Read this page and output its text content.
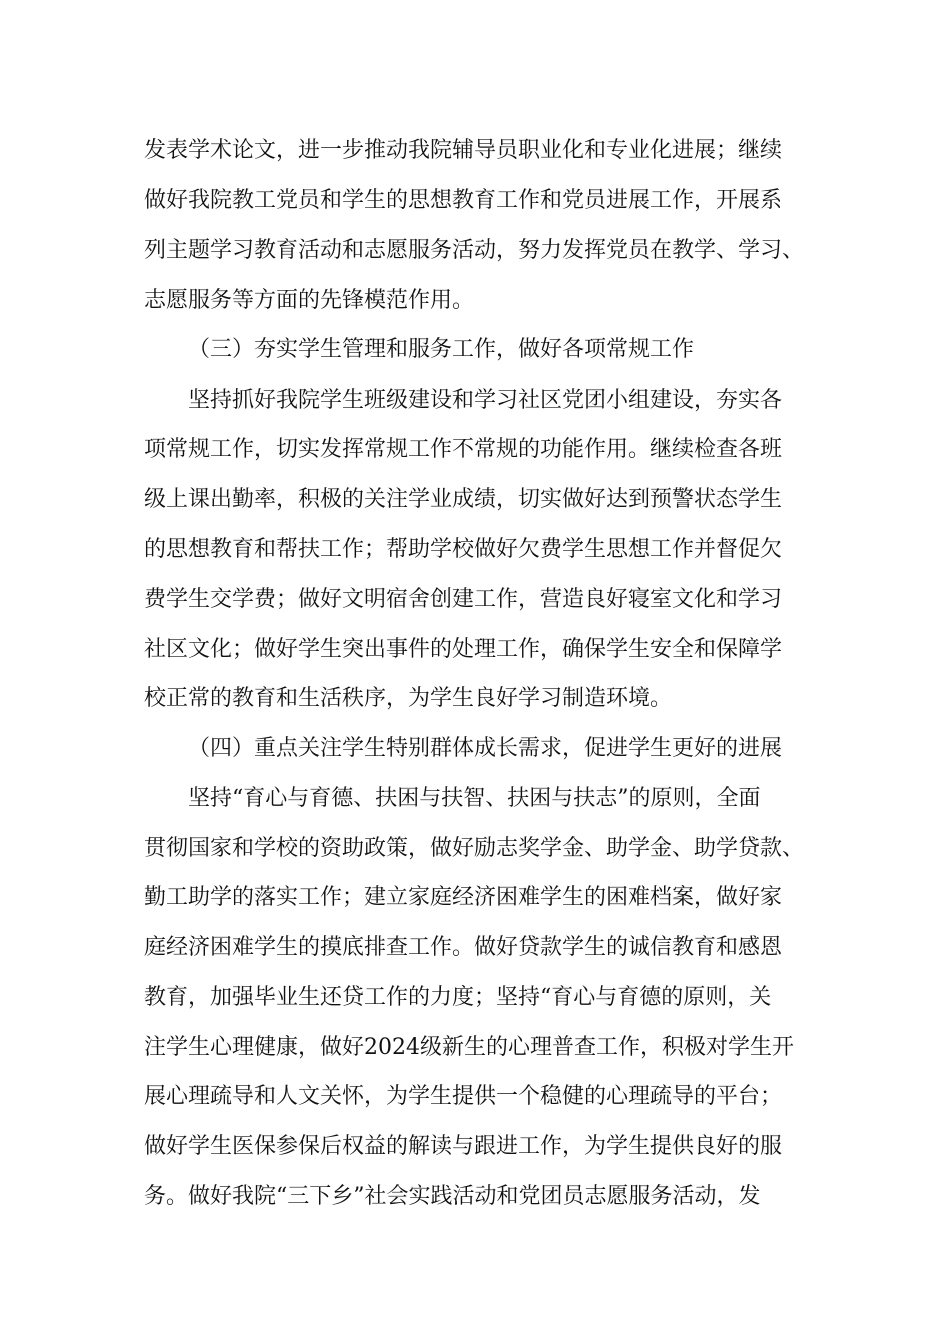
发表学术论文，进一步推动我院辅导员职业化和专业化进展；继续
做好我院教工党员和学生的思想教育工作和党员进展工作，开展系
列主题学习教育活动和志愿服务活动，努力发挥党员在教学、学习、
志愿服务等方面的先锋模范作用。
（三）夯实学生管理和服务工作，做好各项常规工作
坚持抓好我院学生班级建设和学习社区党团小组建设，夯实各
项常规工作，切实发挥常规工作不常规的功能作用。继续检查各班
级上课出勤率，积极的关注学业成绩，切实做好达到预警状态学生
的思想教育和帮扶工作；帮助学校做好欠费学生思想工作并督促欠
费学生交学费；做好文明宿舍创建工作，营造良好寝室文化和学习
社区文化；做好学生突出事件的处理工作，确保学生安全和保障学
校正常的教育和生活秩序，为学生良好学习制造环境。
（四）重点关注学生特别群体成长需求，促进学生更好的进展
坚持“育心与育德、扶困与扶智、扶困与扶志”的原则，全面
贯彻国家和学校的资助政策，做好励志奖学金、助学金、助学贷款、
勤工助学的落实工作；建立家庭经济困难学生的困难档案，做好家
庭经济困难学生的摸底排查工作。做好贷款学生的诚信教育和感恩
教育，加强毕业生还贷工作的力度；坚持“育心与育德的原则，关
注学生心理健康，做好2024级新生的心理普查工作，积极对学生开
展心理疏导和人文关怀，为学生提供一个稳健的心理疏导的平台；
做好学生医保参保后权益的解读与跟进工作，为学生提供良好的服
务。做好我院“三下乡”社会实践活动和党团员志愿服务活动，发
